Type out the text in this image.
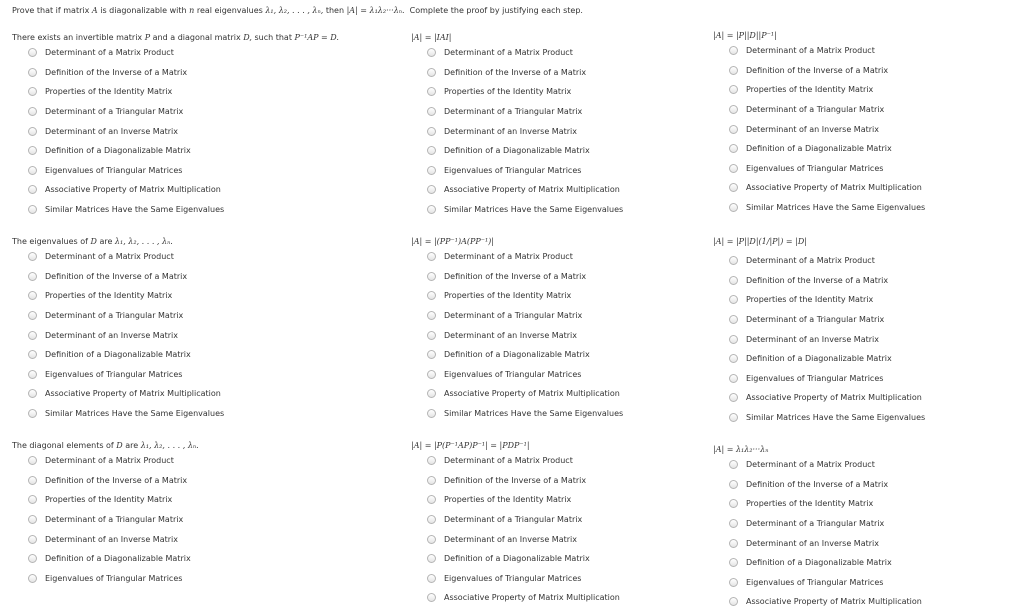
Prove that if matrix A is diagonalizable with n real eigenvalues λ₁, λ₂, . . . , λₙ, then |A| = λ₁λ₂···λₙ. Complete the proof by justifying each step.
There exists an invertible matrix P and a diagonal matrix D, such that P⁻¹AP = D.
Determinant of a Matrix Product
Definition of the Inverse of a Matrix
Properties of the Identity Matrix
Determinant of a Triangular Matrix
Determinant of an Inverse Matrix
Definition of a Diagonalizable Matrix
Eigenvalues of Triangular Matrices
Associative Property of Matrix Multiplication
Similar Matrices Have the Same Eigenvalues
|A| = |IAI|
Determinant of a Matrix Product
Definition of the Inverse of a Matrix
Properties of the Identity Matrix
Determinant of a Triangular Matrix
Determinant of an Inverse Matrix
Definition of a Diagonalizable Matrix
Eigenvalues of Triangular Matrices
Associative Property of Matrix Multiplication
Similar Matrices Have the Same Eigenvalues
|A| = |P||D||P⁻¹|
Determinant of a Matrix Product
Definition of the Inverse of a Matrix
Properties of the Identity Matrix
Determinant of a Triangular Matrix
Determinant of an Inverse Matrix
Definition of a Diagonalizable Matrix
Eigenvalues of Triangular Matrices
Associative Property of Matrix Multiplication
Similar Matrices Have the Same Eigenvalues
The eigenvalues of D are λ₁, λ₂, . . . , λₙ.
Determinant of a Matrix Product
Definition of the Inverse of a Matrix
Properties of the Identity Matrix
Determinant of a Triangular Matrix
Determinant of an Inverse Matrix
Definition of a Diagonalizable Matrix
Eigenvalues of Triangular Matrices
Associative Property of Matrix Multiplication
Similar Matrices Have the Same Eigenvalues
|A| = |(PP⁻¹)A(PP⁻¹)|
Determinant of a Matrix Product
Definition of the Inverse of a Matrix
Properties of the Identity Matrix
Determinant of a Triangular Matrix
Determinant of an Inverse Matrix
Definition of a Diagonalizable Matrix
Eigenvalues of Triangular Matrices
Associative Property of Matrix Multiplication
Similar Matrices Have the Same Eigenvalues
|A| = |P||D|(1/|P|) = |D|
Determinant of a Matrix Product
Definition of the Inverse of a Matrix
Properties of the Identity Matrix
Determinant of a Triangular Matrix
Determinant of an Inverse Matrix
Definition of a Diagonalizable Matrix
Eigenvalues of Triangular Matrices
Associative Property of Matrix Multiplication
Similar Matrices Have the Same Eigenvalues
The diagonal elements of D are λ₁, λ₂, . . . , λₙ.
Determinant of a Matrix Product
Definition of the Inverse of a Matrix
Properties of the Identity Matrix
Determinant of a Triangular Matrix
Determinant of an Inverse Matrix
Definition of a Diagonalizable Matrix
Eigenvalues of Triangular Matrices
|A| = |P(P⁻¹AP)P⁻¹| = |PDP⁻¹|
Determinant of a Matrix Product
Definition of the Inverse of a Matrix
Properties of the Identity Matrix
Determinant of a Triangular Matrix
Determinant of an Inverse Matrix
Definition of a Diagonalizable Matrix
Eigenvalues of Triangular Matrices
Associative Property of Matrix Multiplication
|A| = λ₁λ₂···λₙ
Determinant of a Matrix Product
Definition of the Inverse of a Matrix
Properties of the Identity Matrix
Determinant of a Triangular Matrix
Determinant of an Inverse Matrix
Definition of a Diagonalizable Matrix
Eigenvalues of Triangular Matrices
Associative Property of Matrix Multiplication
